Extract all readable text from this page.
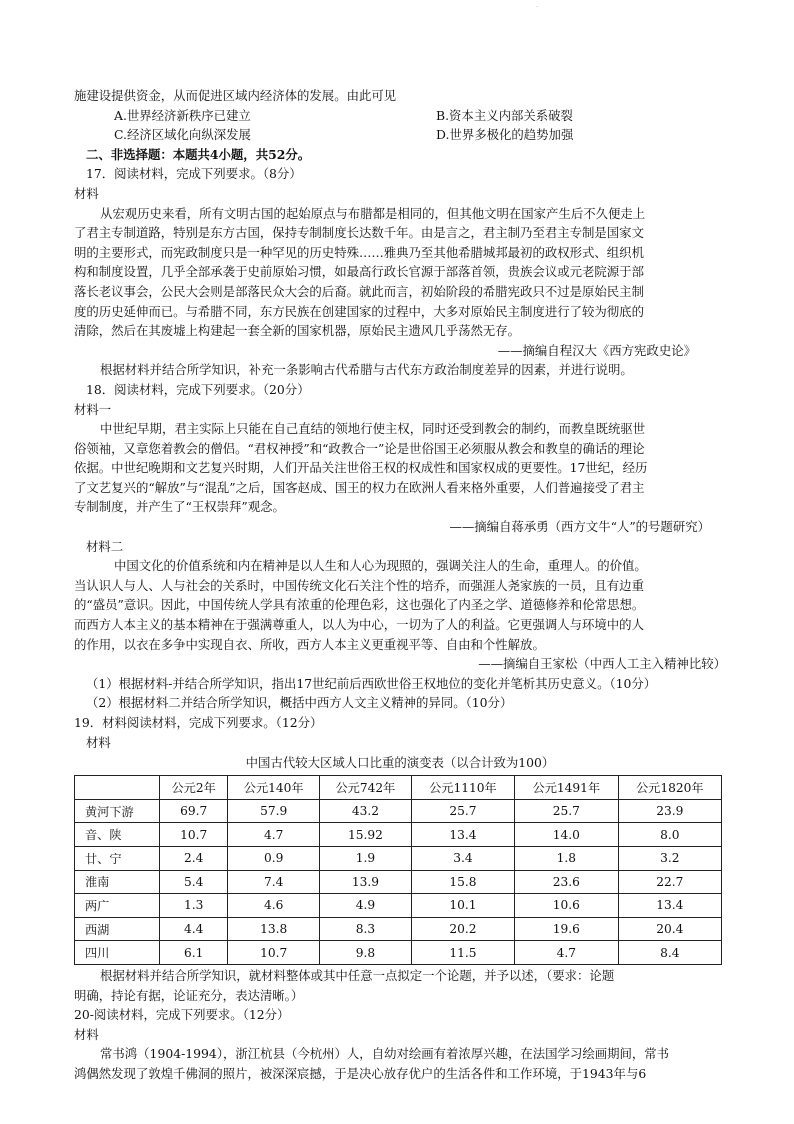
·
施建设提供资金，从而促进区域内经济体的发展。由此可见
A.世界经济新秩序已建立	B.资本主义内部关系破裂
C.经济区域化向纵深发展	D.世界多极化的趋势加强
二、非选择题：本题共4小题，共52分。
17．阅读材料，完成下列要求。（8分）
材料
从宏观历史来看，所有文明古国的起始原点与布腊都是相同的，但其他文明在国家产生后不久便走上
了君主专制道路，特别是东方古国，保持专制制度长达数千年。由是言之，君主制乃至君主专制是国家文
明的主要形式，而宪政制度只是一种罕见的历史特殊……雅典乃至其他希腊城邦最初的政权形式、组织机
构和制度设置，几乎全部承袭于史前原始习惯，如最高行政长官源于部落首领，贵族会议或元老院源于部
落长老议事会，公民大会则是部落民众大会的后裔。就此而言，初始阶段的希腊宪政只不过是原始民主制
度的历史延伸而已。与希腊不同，东方民族在创建国家的过程中，大多对原始民主制度进行了较为彻底的
清除，然后在其废墟上构建起一套全新的国家机器，原始民主遗风几乎荡然无存。
——摘编自程汉大《西方宪政史论》
根据材料并结合所学知识，补充一条影响古代希腊与古代东方政治制度差异的因素，并进行说明。
18．阅读材料，完成下列要求。（20分）
材料一
中世纪早期，君主实际上只能在自己直结的领地行使主权，同时还受到教会的制约，而教皇既统驱世
俗领袖，又章您着教会的僧侣。“君权神授”和“政教合一”论是世俗国王必须服从教会和教皇的确话的理论
依据。中世纪晚期和文艺复兴时期，人们开品关注世俗王权的权成性和国家权成的更要性。17世纪，经历
了文艺复兴的“解放”与“混乱”之后，国客赵成、国王的权力在欧洲人看来格外重要，人们普遍接受了君主
专制制度，并产生了“王权崇拜”观念。
——摘编自蒋承勇（西方文牛“人”的号题研究）
材料二
中国文化的价值系统和内在精神是以人生和人心为现照的，强调关注人的生命，重理人。的价值。
当认识人与人、人与社会的关系时，中国传统文化石关注个性的培乔，而强涯人尧家族的一员，且有边重
的“盛员”意识。因此，中国传统人学具有浓重的伦理色彩，这也强化了内圣之学、道德修养和伦常思想。
而西方人本主义的基本精神在于强满尊重人，以人为中心，一切为了人的利益。它更强调人与环境中的人
的作用，以衣在多争中实现自衣、所收，西方人本主义更重视平等、自由和个性解放。
——摘编自王家松（中西人工主入精神比较）
（1）根据材料-并结合所学知识，指出17世纪前后西欧世俗王权地位的变化并笔析其历史意义。（10分）
（2）根据材料二并结合所学知识，概括中西方人文主义精神的异同。（10分）
19．材料阅读材料，完成下列要求。（12分）
材料
中国古代较大区域人口比重的演变表（以合计致为100）
	公元2年	公元140年	公元742年	公元1110年	公元1491年	公元1820年
黄河下游	69.7	57.9	43.2	25.7	25.7	23.9
音、陕	10.7	4.7	15.92	13.4	14.0	8.0
廿、宁	2.4	0.9	1.9	3.4	1.8	3.2
淮南	5.4	7.4	13.9	15.8	23.6	22.7
两广	1.3	4.6	4.9	10.1	10.6	13.4
西湖	4.4	13.8	8.3	20.2	19.6	20.4
四川	6.1	10.7	9.8	11.5	4.7	8.4
根据材料并结合所学知识，就材料整体或其中任意一点拟定一个论题，并予以述，（要求：论题
明确，持论有据，论证充分，表达清晰。）
20-阅读材料，完成下列要求。（12分）
材料
常书鸿（1904-1994），浙江杭县（今杭州）人，自幼对绘画有着浓厚兴趣，在法国学习绘画期间，常书
鸿偶然发现了敦煌千佛洞的照片，被深深宸撼，于是决心放存优户的生活各件和工作环境，于1943年与6
